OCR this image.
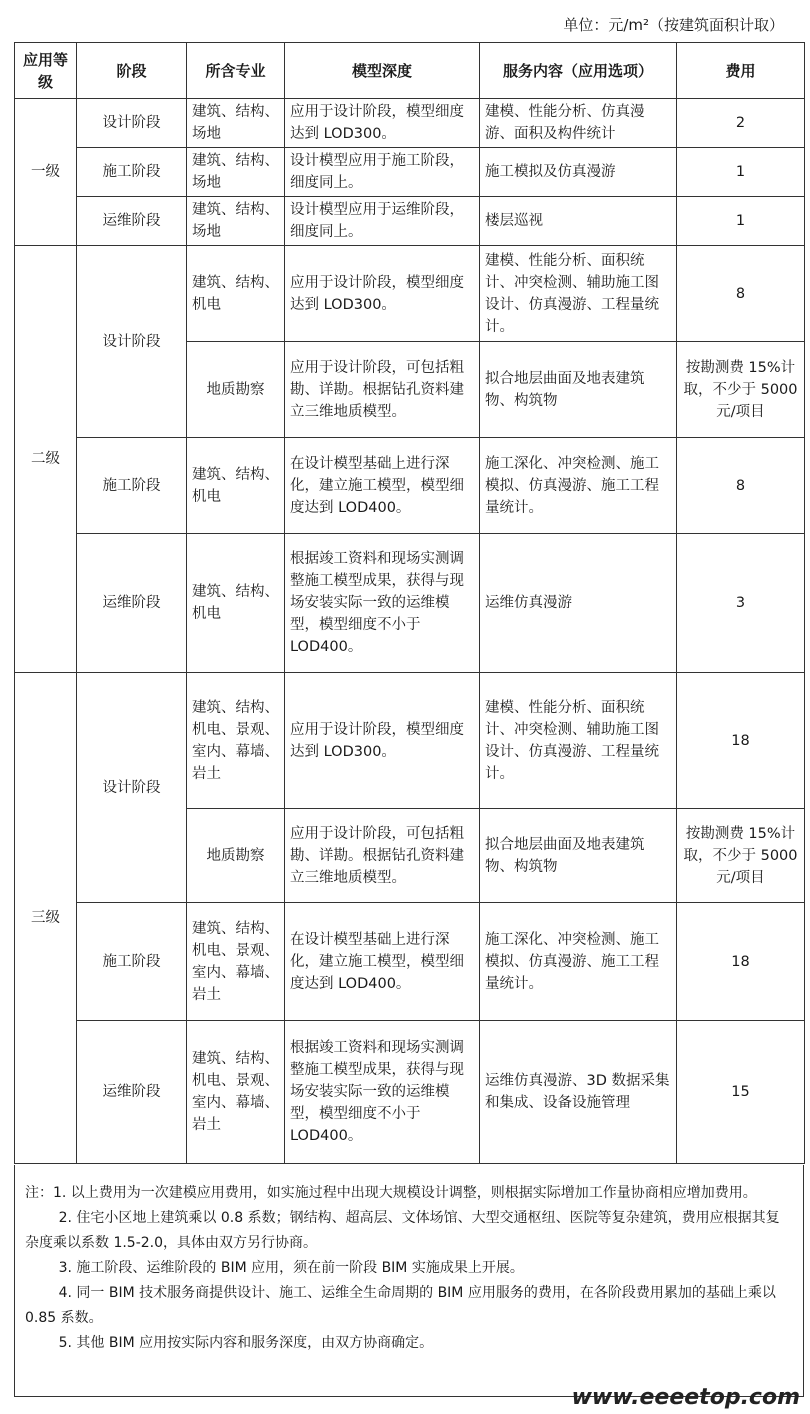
单位：元/m²（按建筑面积计取）
应用等级	阶段	所含专业	模型深度	服务内容（应用选项）	费用
一级	设计阶段	建筑、结构、场地	应用于设计阶段，模型细度达到 LOD300。	建模、性能分析、仿真漫游、面积及构件统计	2
	施工阶段	建筑、结构、场地	设计模型应用于施工阶段，细度同上。	施工模拟及仿真漫游	1
	运维阶段	建筑、结构、场地	设计模型应用于运维阶段，细度同上。	楼层巡视	1
二级	设计阶段	建筑、结构、机电	应用于设计阶段，模型细度达到 LOD300。	建模、性能分析、面积统计、冲突检测、辅助施工图设计、仿真漫游、工程量统计。	8
		地质勘察	应用于设计阶段，可包括粗勘、详勘。根据钻孔资料建立三维地质模型。	拟合地层曲面及地表建筑物、构筑物	按勘测费 15%计取，不少于 5000 元/项目
	施工阶段	建筑、结构、机电	在设计模型基础上进行深化，建立施工模型，模型细度达到 LOD400。	施工深化、冲突检测、施工模拟、仿真漫游、施工工程量统计。	8
	运维阶段	建筑、结构、机电	根据竣工资料和现场实测调整施工模型成果，获得与现场安装实际一致的运维模型，模型细度不小于 LOD400。	运维仿真漫游	3
三级	设计阶段	建筑、结构、机电、景观、室内、幕墙、岩土	应用于设计阶段，模型细度达到 LOD300。	建模、性能分析、面积统计、冲突检测、辅助施工图设计、仿真漫游、工程量统计。	18
		地质勘察	应用于设计阶段，可包括粗勘、详勘。根据钻孔资料建立三维地质模型。	拟合地层曲面及地表建筑物、构筑物	按勘测费 15%计取，不少于 5000 元/项目
	施工阶段	建筑、结构、机电、景观、室内、幕墙、岩土	在设计模型基础上进行深化，建立施工模型，模型细度达到 LOD400。	施工深化、冲突检测、施工模拟、仿真漫游、施工工程量统计。	18
	运维阶段	建筑、结构、机电、景观、室内、幕墙、岩土	根据竣工资料和现场实测调整施工模型成果，获得与现场安装实际一致的运维模型，模型细度不小于 LOD400。	运维仿真漫游、3D 数据采集和集成、设备设施管理	15

注：1. 以上费用为一次建模应用费用，如实施过程中出现大规模设计调整，则根据实际增加工作量协商相应增加费用。

2. 住宅小区地上建筑乘以 0.8 系数；钢结构、超高层、文体场馆、大型交通枢纽、医院等复杂建筑，费用应根据其复杂度乘以系数 1.5-2.0，具体由双方另行协商。

3. 施工阶段、运维阶段的 BIM 应用，须在前一阶段 BIM 实施成果上开展。

4. 同一 BIM 技术服务商提供设计、施工、运维全生命周期的 BIM 应用服务的费用，在各阶段费用累加的基础上乘以 0.85 系数。

5. 其他 BIM 应用按实际内容和服务深度，由双方协商确定。

www.eeeetop.com
